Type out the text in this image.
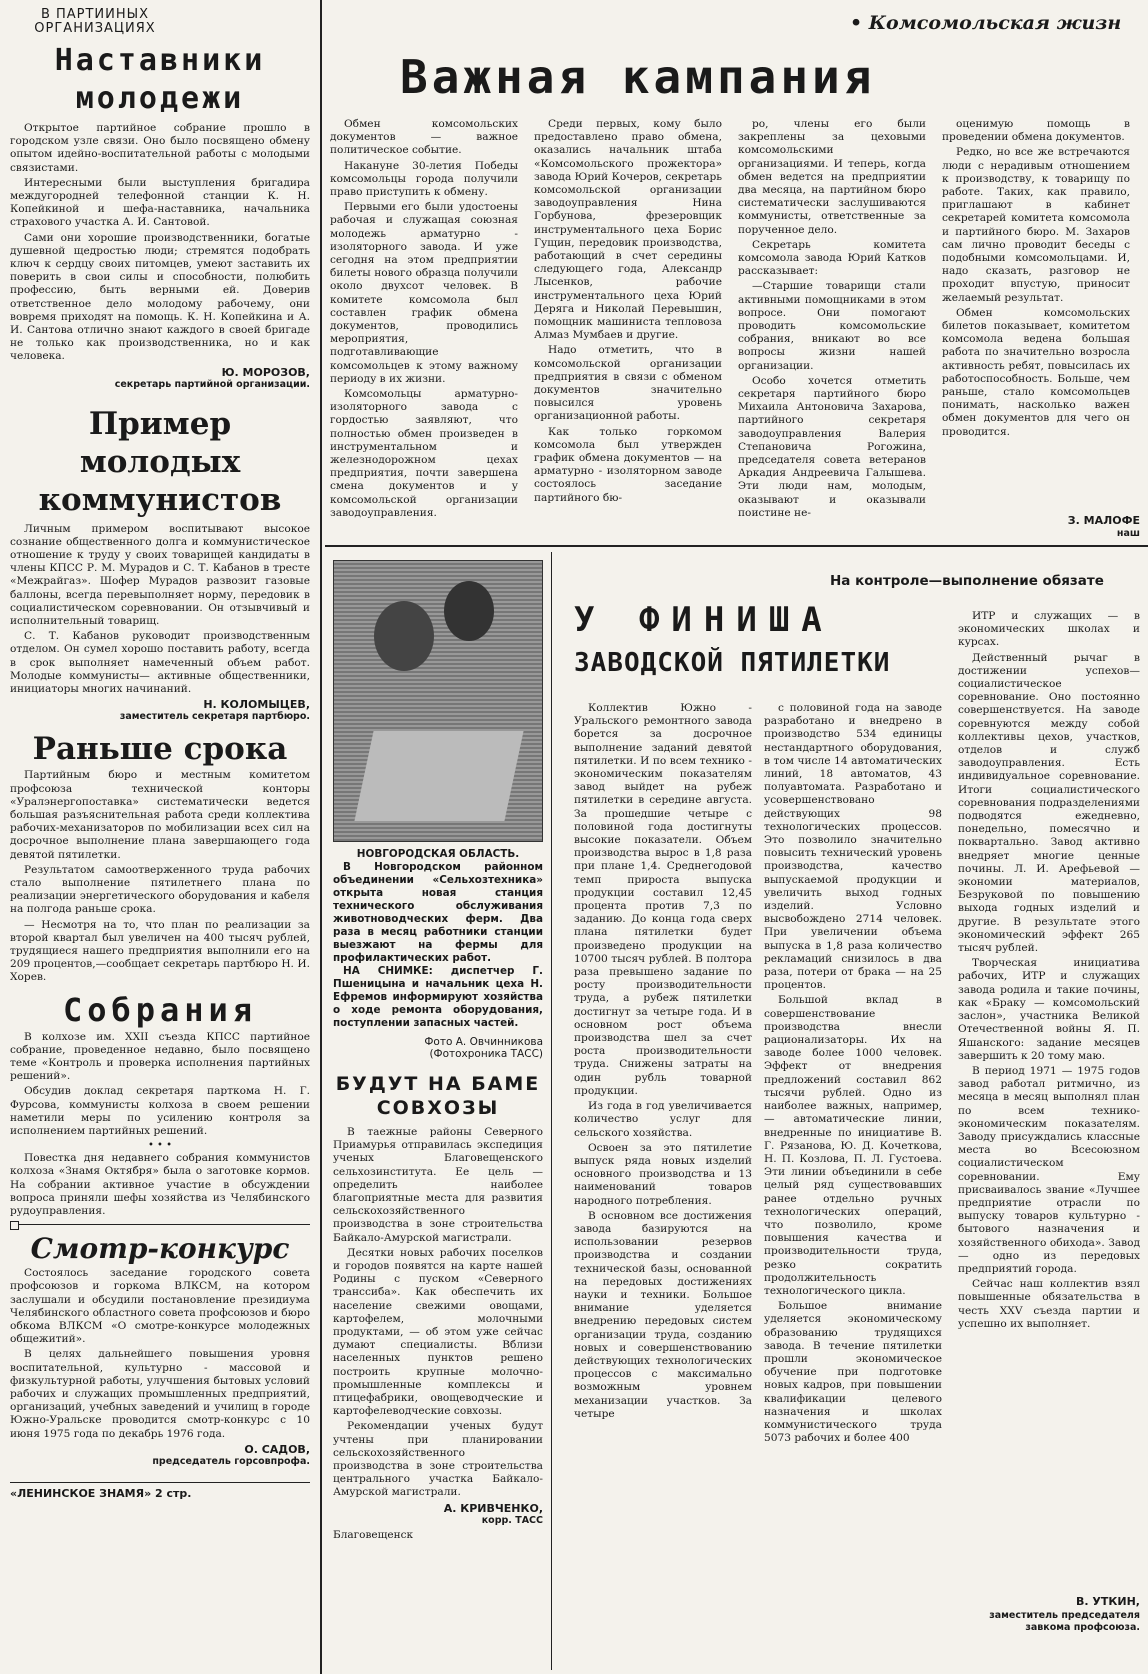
В ПАРТИЙНЫХ ОРГАНИЗАЦИЯХ
Наставники молодежи

Открытое партийное собрание прошло в городском узле связи. Оно было посвящено обмену опытом идейно-воспитательной работы с молодыми связистами.

Интересными были выступления бригадира междугородней телефонной станции К. Н. Копейкиной и шефа-наставника, начальника страхового участка А. И. Сантовой.

Сами они хорошие производственники, богатые душевной щедростью люди; стремятся подобрать ключ к сердцу своих питомцев, умеют заставить их поверить в свои силы и способности, полюбить профессию, быть верными ей. Доверив ответственное дело молодому рабочему, они вовремя приходят на помощь. К. Н. Копейкина и А. И. Сантова отлично знают каждого в своей бригаде не только как производственника, но и как человека.

Ю. МОРОЗОВ,
секретарь партийной организации.
Пример молодых коммунистов

Личным примером воспитывают высокое сознание общественного долга и коммунистическое отношение к труду у своих товарищей кандидаты в члены КПСС Р. М. Мурадов и С. Т. Кабанов в тресте «Межрайгаз». Шофер Мурадов развозит газовые баллоны, всегда перевыполняет норму, передовик в социалистическом соревновании. Он отзывчивый и исполнительный товарищ.

С. Т. Кабанов руководит производственным отделом. Он сумел хорошо поставить работу, всегда в срок выполняет намеченный объем работ. Молодые коммунисты— активные общественники, инициаторы многих начинаний.

Н. КОЛОМЫЦЕВ,
заместитель секретаря партбюро.
Раньше срока

Партийным бюро и местным комитетом профсоюза технической конторы «Уралэнергопоставка» систематически ведется большая разъяснительная работа среди коллектива рабочих-механизаторов по мобилизации всех сил на досрочное выполнение плана завершающего года девятой пятилетки.

Результатом самоотверженного труда рабочих стало выполнение пятилетнего плана по реализации энергетического оборудования и кабеля на полгода раньше срока.

— Несмотря на то, что план по реализации за второй квартал был увеличен на 400 тысяч рублей, трудящиеся нашего предприятия выполнили его на 209 процентов,—сообщает секретарь партбюро Н. И. Хорев.

Собрания

В колхозе им. XXII съезда КПСС партийное собрание, проведенное недавно, было посвящено теме «Контроль и проверка исполнения партийных решений».

Обсудив доклад секретаря парткома Н. Г. Фурсова, коммунисты колхоза в своем решении наметили меры по усилению контроля за исполнением партийных решений.

• • •

Повестка дня недавнего собрания коммунистов колхоза «Знамя Октября» была о заготовке кормов. На собрании активное участие в обсуждении вопроса приняли шефы хозяйства из Челябинского рудоуправления.

Смотр-конкурс

Состоялось заседание городского совета профсоюзов и горкома ВЛКСМ, на котором заслушали и обсудили постановление президиума Челябинского областного совета профсоюзов и бюро обкома ВЛКСМ «О смотре-конкурсе молодежных общежитий».

В целях дальнейшего повышения уровня воспитательной, культурно - массовой и физкультурной работы, улучшения бытовых условий рабочих и служащих промышленных предприятий, организаций, учебных заведений и училищ в городе Южно-Уральске проводится смотр-конкурс с 10 июня 1975 года по декабрь 1976 года.

О. САДОВ,
председатель горсовпрофа.
«ЛЕНИНСКОЕ ЗНАМЯ» 2 стр.
• Комсомольская жизн
Важная кампания

Обмен комсомольских документов — важное политическое событие.

Накануне 30-летия Победы комсомольцы города получили право приступить к обмену.

Первыми его были удостоены рабочая и служащая союзная молодежь арматурно - изоляторного завода. И уже сегодня на этом предприятии билеты нового образца получили около двухсот человек. В комитете комсомола был составлен график обмена документов, проводились мероприятия, подготавливающие комсомольцев к этому важному периоду в их жизни.

Комсомольцы арматурно-изоляторного завода с гордостью заявляют, что полностью обмен произведен в инструментальном и железнодорожном цехах предприятия, почти завершена смена документов и у комсомольской организации заводоуправления.

Среди первых, кому было предоставлено право обмена, оказались начальник штаба «Комсомольского прожектора» завода Юрий Кочеров, секретарь комсомольской организации заводоуправления Нина Горбунова, фрезеровщик инструментального цеха Борис Гущин, передовик производства, работающий в счет середины следующего года, Александр Лысенков, рабочие инструментального цеха Юрий Деряга и Николай Перевышин, помощник машиниста тепловоза Алмаз Мумбаев и другие.

Надо отметить, что в комсомольской организации предприятия в связи с обменом документов значительно повысился уровень организационной работы.

Как только горкомом комсомола был утвержден график обмена документов — на арматурно - изоляторном заводе состоялось заседание партийного бю-

ро, члены его были закреплены за цеховыми комсомольскими организациями. И теперь, когда обмен ведется на предприятии два месяца, на партийном бюро систематически заслушиваются коммунисты, ответственные за порученное дело.

Секретарь комитета комсомола завода Юрий Катков рассказывает:

—Старшие товарищи стали активными помощниками в этом вопросе. Они помогают проводить комсомольские собрания, вникают во все вопросы жизни нашей организации.

Особо хочется отметить секретаря партийного бюро Михаила Антоновича Захарова, партийного секретаря заводоуправления Валерия Степановича Рогожина, председателя совета ветеранов Аркадия Андреевича Галышева. Эти люди нам, молодым, оказывают и оказывали поистине не-

оценимую помощь в проведении обмена документов.

Редко, но все же встречаются люди с нерадивым отношением к производству, к товарищу по работе. Таких, как правило, приглашают в кабинет секретарей комитета комсомола и партийного бюро. М. Захаров сам лично проводит беседы с подобными комсомольцами. И, надо сказать, разговор не проходит впустую, приносит желаемый результат.

Обмен комсомольских билетов показывает, комитетом комсомола ведена большая работа по значительно возросла активность ребят, повысилась их работоспособность. Больше, чем раньше, стало комсомольцев понимать, насколько важен обмен документов для чего он проводится.

З. МАЛОФЕ
наш
НОВГОРОДСКАЯ ОБЛАСТЬ.
В Новгородском районном объединении «Сельхозтехника» открыта новая станция технического обслуживания животноводческих ферм. Два раза в месяц работники станции выезжают на фермы для профилактических работ.
НА СНИМКЕ: диспетчер Г. Пшеницына и начальник цеха Н. Ефремов информируют хозяйства о ходе ремонта оборудования, поступлении запасных частей.
Фото А. Овчинникова
(Фотохроника ТАСС)
БУДУТ НА БАМЕ СОВХОЗЫ

В таежные районы Северного Приамурья отправилась экспедиция ученых Благовещенского сельхозинститута. Ее цель — определить наиболее благоприятные места для развития сельскохозяйственного производства в зоне строительства Байкало-Амурской магистрали.

Десятки новых рабочих поселков и городов появятся на карте нашей Родины с пуском «Северного транссиба». Как обеспечить их население свежими овощами, картофелем, молочными продуктами, — об этом уже сейчас думают специалисты. Вблизи населенных пунктов решено построить крупные молочно-промышленные комплексы и птицефабрики, овощеводческие и картофелеводческие совхозы.

Рекомендации ученых будут учтены при планировании сельскохозяйственного производства в зоне строительства центрального участка Байкало-Амурской магистрали.

А. КРИВЧЕНКО,
корр. ТАСС
Благовещенск
На контроле—выполнение обязате
У ФИНИША
ЗАВОДСКОЙ ПЯТИЛЕТКИ

Коллектив Южно - Уральского ремонтного завода борется за досрочное выполнение заданий девятой пятилетки. И по всем технико - экономическим показателям завод выйдет на рубеж пятилетки в середине августа. За прошедшие четыре с половиной года достигнуты высокие показатели. Объем производства вырос в 1,8 раза при плане 1,4. Среднегодовой темп прироста выпуска продукции составил 12,45 процента против 7,3 по заданию. До конца года сверх плана пятилетки будет произведено продукции на 10700 тысяч рублей. В полтора раза превышено задание по росту производительности труда, а рубеж пятилетки достигнут за четыре года. И в основном рост объема производства шел за счет роста производительности труда. Снижены затраты на один рубль товарной продукции.

Из года в год увеличивается количество услуг для сельского хозяйства.

Освоен за это пятилетие выпуск ряда новых изделий основного производства и 13 наименований товаров народного потребления.

В основном все достижения завода базируются на использовании резервов производства и создании технической базы, основанной на передовых достижениях науки и техники. Большое внимание уделяется внедрению передовых систем организации труда, созданию новых и совершенствованию действующих технологических процессов с максимально возможным уровнем механизации участков. За четыре

с половиной года на заводе разработано и внедрено в производство 534 единицы нестандартного оборудования, в том числе 14 автоматических линий, 18 автоматов, 43 полуавтомата. Разработано и усовершенствовано действующих 98 технологических процессов. Это позволило значительно повысить технический уровень производства, качество выпускаемой продукции и увеличить выход годных изделий. Условно высвобождено 2714 человек. При увеличении объема выпуска в 1,8 раза количество рекламаций снизилось в два раза, потери от брака — на 25 процентов.

Большой вклад в совершенствование производства внесли рационализаторы. Их на заводе более 1000 человек. Эффект от внедрения предложений составил 862 тысячи рублей. Одно из наиболее важных, например, — автоматические линии, внедренные по инициативе В. Г. Рязанова, Ю. Д. Кочеткова, Н. П. Козлова, П. Л. Густоева. Эти линии объединили в себе целый ряд существовавших ранее отдельно ручных технологических операций, что позволило, кроме повышения качества и производительности труда, резко сократить продолжительность технологического цикла.

Большое внимание уделяется экономическому образованию трудящихся завода. В течение пятилетки прошли экономическое обучение при подготовке новых кадров, при повышении квалификации целевого назначения и школах коммунистического труда 5073 рабочих и более 400

ИТР и служащих — в экономических школах и курсах.

Действенный рычаг в достижении успехов— социалистическое соревнование. Оно постоянно совершенствуется. На заводе соревнуются между собой коллективы цехов, участков, отделов и служб заводоуправления. Есть индивидуальное соревнование. Итоги социалистического соревнования подразделениями подводятся ежедневно, понедельно, помесячно и поквартально. Завод активно внедряет многие ценные почины. Л. И. Арефьевой — экономии материалов, Безруковой по повышению выхода годных изделий и другие. В результате этого экономический эффект 265 тысяч рублей.

Творческая инициатива рабочих, ИТР и служащих завода родила и такие почины, как «Браку — комсомольский заслон», участника Великой Отечественной войны Я. П. Яшанского: задание месяцев завершить к 20 тому маю.

В период 1971 — 1975 годов завод работал ритмично, из месяца в месяц выполнял план по всем технико-экономическим показателям. Заводу присуждались классные места во Всесоюзном социалистическом соревновании. Ему присваивалось звание «Лучшее предприятие отрасли по выпуску товаров культурно - бытового назначения и хозяйственного обихода». Завод — одно из передовых предприятий города.

Сейчас наш коллектив взял повышенные обязательства в честь XXV съезда партии и успешно их выполняет.

В. УТКИН,
заместитель председателя завкома профсоюза.
